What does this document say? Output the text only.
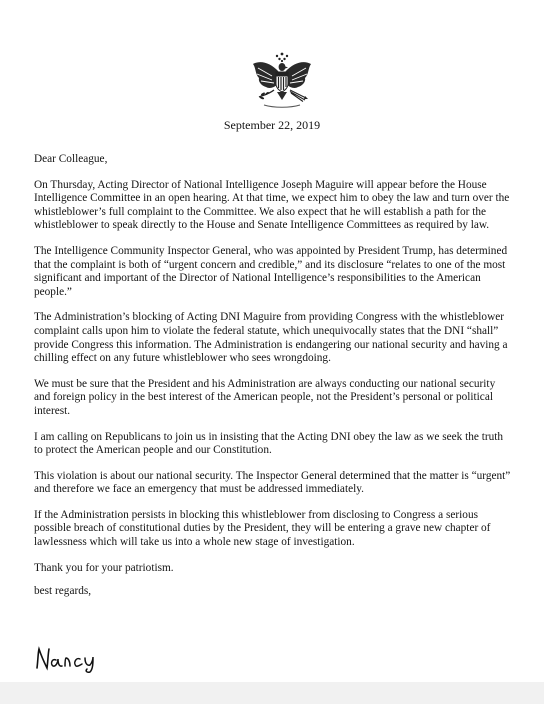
September 22, 2019

Dear Colleague,

On Thursday, Acting Director of National Intelligence Joseph Maguire will appear before the House Intelligence Committee in an open hearing. At that time, we expect him to obey the law and turn over the whistleblower’s full complaint to the Committee. We also expect that he will establish a path for the whistleblower to speak directly to the House and Senate Intelligence Committees as required by law.

The Intelligence Community Inspector General, who was appointed by President Trump, has determined that the complaint is both of “urgent concern and credible,” and its disclosure “relates to one of the most significant and important of the Director of National Intelligence’s responsibilities to the American people.”

The Administration’s blocking of Acting DNI Maguire from providing Congress with the whistleblower complaint calls upon him to violate the federal statute, which unequivocally states that the DNI “shall” provide Congress this information. The Administration is endangering our national security and having a chilling effect on any future whistleblower who sees wrongdoing.

We must be sure that the President and his Administration are always conducting our national security and foreign policy in the best interest of the American people, not the President’s personal or political interest.

I am calling on Republicans to join us in insisting that the Acting DNI obey the law as we seek the truth to protect the American people and our Constitution.

This violation is about our national security. The Inspector General determined that the matter is “urgent” and therefore we face an emergency that must be addressed immediately.

If the Administration persists in blocking this whistleblower from disclosing to Congress a serious possible breach of constitutional duties by the President, they will be entering a grave new chapter of lawlessness which will take us into a whole new stage of investigation.

Thank you for your patriotism.

best regards,
